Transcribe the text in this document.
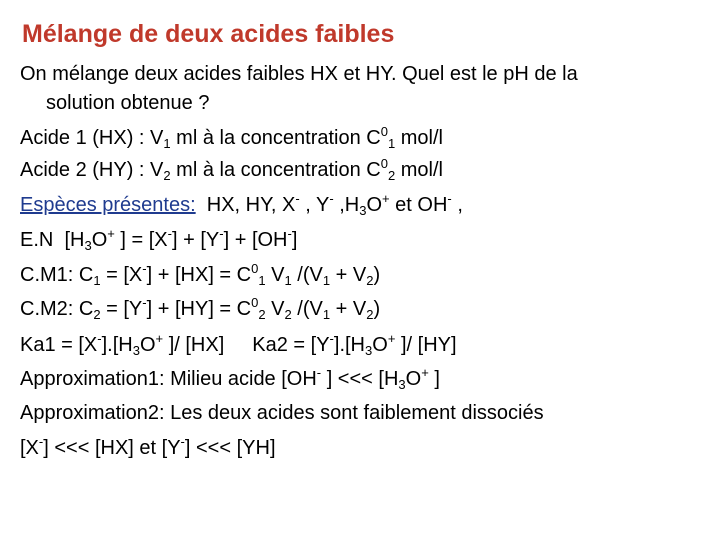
Mélange de deux acides faibles
On mélange deux acides faibles HX et HY. Quel est le pH de la
solution obtenue ?
Acide 1 (HX) : $V_1$ ml à la concentration $C^0_1$ mol/l
Acide 2 (HY) : $V_2$ ml à la concentration $C^0_2$ mol/l
Espèces présentes:  HX, HY, X- , Y- $,H_3O^+$ et OH- ,
E.N  [$H_3O^+$ ] = [X-] + [Y-] + [OH-]
C.M1: $C_1 = [X^-] + [HX] = C^0_1$ $V_1$ $/(V_1 + V_2)$
C.M2: $C_2 = [Y^-] + [HY] = C^0_2$ $V_2$ $/(V_1 + V_2)$
$Ka1 = [X^-].[H_3O^+$ ]/ [HX] $Ka2 = [Y^-].[H_3O^+$ ]/ [HY]
Approximation1: Milieu acide [OH- ] <<< [$H_3O^+$ ]
Approximation2: Les deux acides sont faiblement dissociés
[X-] <<< [HX] et [Y-] <<< [YH]
